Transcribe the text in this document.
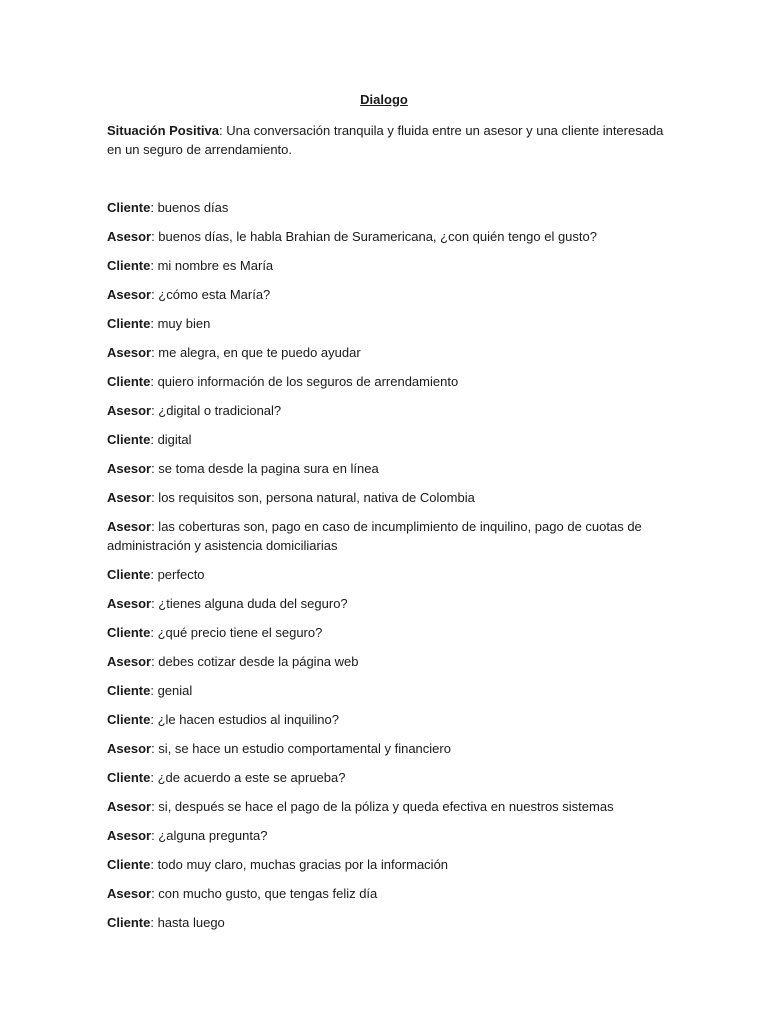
Dialogo
Situación Positiva: Una conversación tranquila y fluida entre un asesor y una cliente interesada en un seguro de arrendamiento.
Cliente: buenos días
Asesor: buenos días, le habla Brahian de Suramericana, ¿con quién tengo el gusto?
Cliente: mi nombre es María
Asesor: ¿cómo esta María?
Cliente: muy bien
Asesor: me alegra, en que te puedo ayudar
Cliente: quiero información de los seguros de arrendamiento
Asesor: ¿digital o tradicional?
Cliente: digital
Asesor: se toma desde la pagina sura en línea
Asesor: los requisitos son, persona natural, nativa de Colombia
Asesor: las coberturas son, pago en caso de incumplimiento de inquilino, pago de cuotas de administración y asistencia domiciliarias
Cliente: perfecto
Asesor: ¿tienes alguna duda del seguro?
Cliente: ¿qué precio tiene el seguro?
Asesor: debes cotizar desde la página web
Cliente: genial
Cliente: ¿le hacen estudios al inquilino?
Asesor: si, se hace un estudio comportamental y financiero
Cliente: ¿de acuerdo a este se aprueba?
Asesor: si, después se hace el pago de la póliza y queda efectiva en nuestros sistemas
Asesor: ¿alguna pregunta?
Cliente: todo muy claro, muchas gracias por la información
Asesor: con mucho gusto, que tengas feliz día
Cliente: hasta luego
